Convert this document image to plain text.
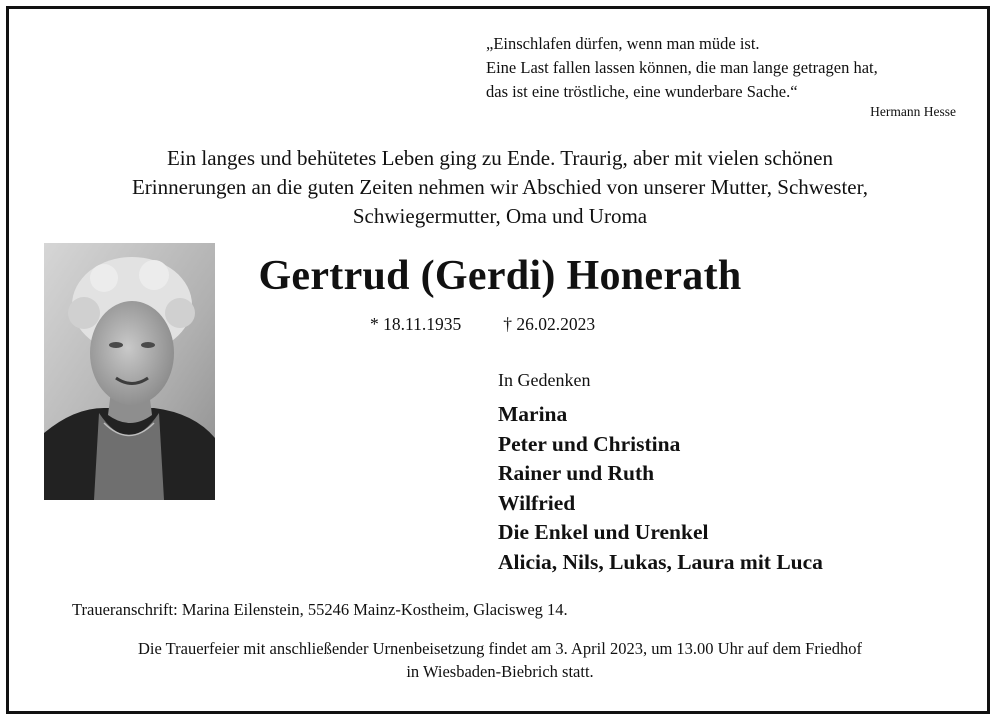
„Einschlafen dürfen, wenn man müde ist.
Eine Last fallen lassen können, die man lange getragen hat,
das ist eine tröstliche, eine wunderbare Sache.“
Hermann Hesse
Ein langes und behütetes Leben ging zu Ende. Traurig, aber mit vielen schönen
Erinnerungen an die guten Zeiten nehmen wir Abschied von unserer Mutter, Schwester,
Schwiegermutter, Oma und Uroma
Gertrud (Gerdi) Honerath
* 18.11.1935 † 26.02.2023
In Gedenken
Marina
Peter und Christina
Rainer und Ruth
Wilfried
Die Enkel und Urenkel
Alicia, Nils, Lukas, Laura mit Luca
Traueranschrift: Marina Eilenstein, 55246 Mainz-Kostheim, Glacisweg 14.
Die Trauerfeier mit anschließender Urnenbeisetzung findet am 3. April 2023, um 13.00 Uhr auf dem Friedhof
in Wiesbaden-Biebrich statt.
